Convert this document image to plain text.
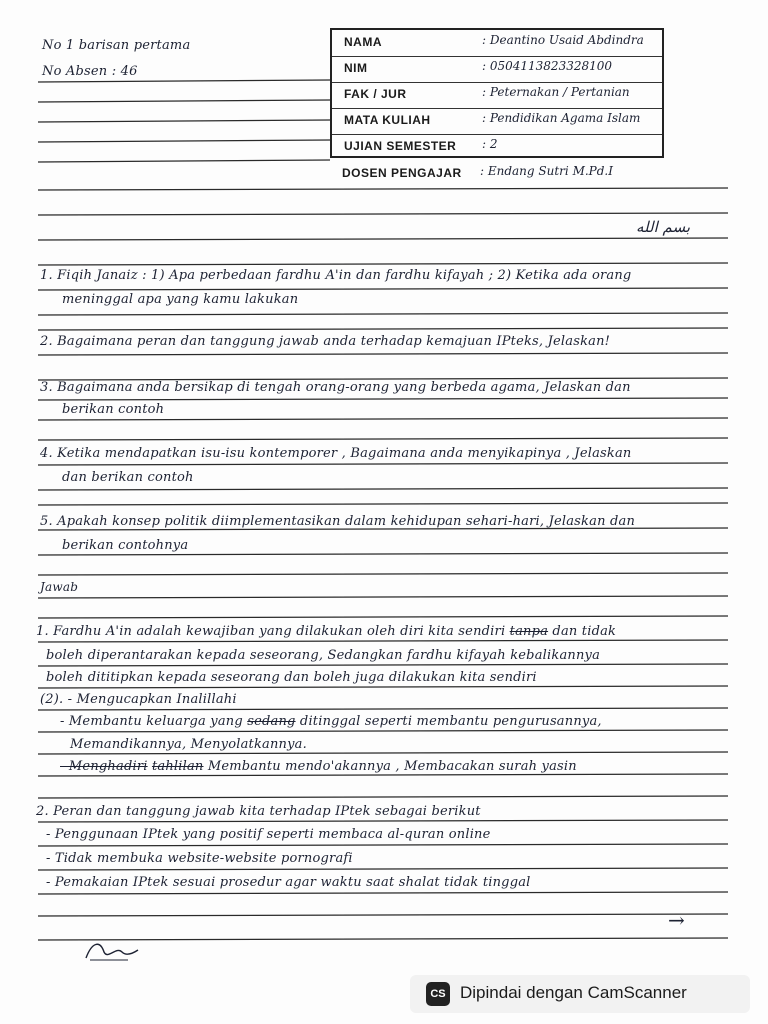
No 1 barisan pertama
No Absen : 46
NAMA	: Deantino Usaid Abdindra
NIM	: 0504113823328100
FAK / JUR	: Peternakan / Pertanian
MATA KULIAH	: Pendidikan Agama Islam
UJIAN SEMESTER : 2
DOSEN PENGAJAR : Endang Sutri M.Pd.I
بسم الله
1. Fiqih Janaiz : 1) Apa perbedaan fardhu A'in dan fardhu kifayah ; 2) Ketika ada orang
meninggal apa yang kamu lakukan
2. Bagaimana peran dan tanggung jawab anda terhadap kemajuan IPteks, Jelaskan!
3. Bagaimana anda bersikap di tengah orang-orang yang berbeda agama, Jelaskan dan
berikan contoh
4. Ketika mendapatkan isu-isu kontemporer , Bagaimana anda menyikapinya , Jelaskan
dan berikan contoh
5. Apakah konsep politik diimplementasikan dalam kehidupan sehari-hari, Jelaskan dan
berikan contohnya
Jawab
1. Fardhu A'in adalah kewajiban yang dilakukan oleh diri kita sendiri tanpa dan tidak
boleh diperantarakan kepada seseorang, Sedangkan fardhu kifayah kebalikannya
boleh dititipkan kepada seseorang dan boleh juga dilakukan kita sendiri
(2). - Mengucapkan Inalillahi
- Membantu keluarga yang sedang ditinggal seperti membantu pengurusannya,
Memandikannya, Menyolatkannya.
- Menghadiri tahlilan Membantu mendo'akannya , Membacakan surah yasin
2. Peran dan tanggung jawab kita terhadap IPtek sebagai berikut
- Penggunaan IPtek yang positif seperti membaca al-quran online
- Tidak membuka website-website pornografi
- Pemakaian IPtek sesuai prosedur agar waktu saat shalat tidak tinggal
→
CS Dipindai dengan CamScanner
